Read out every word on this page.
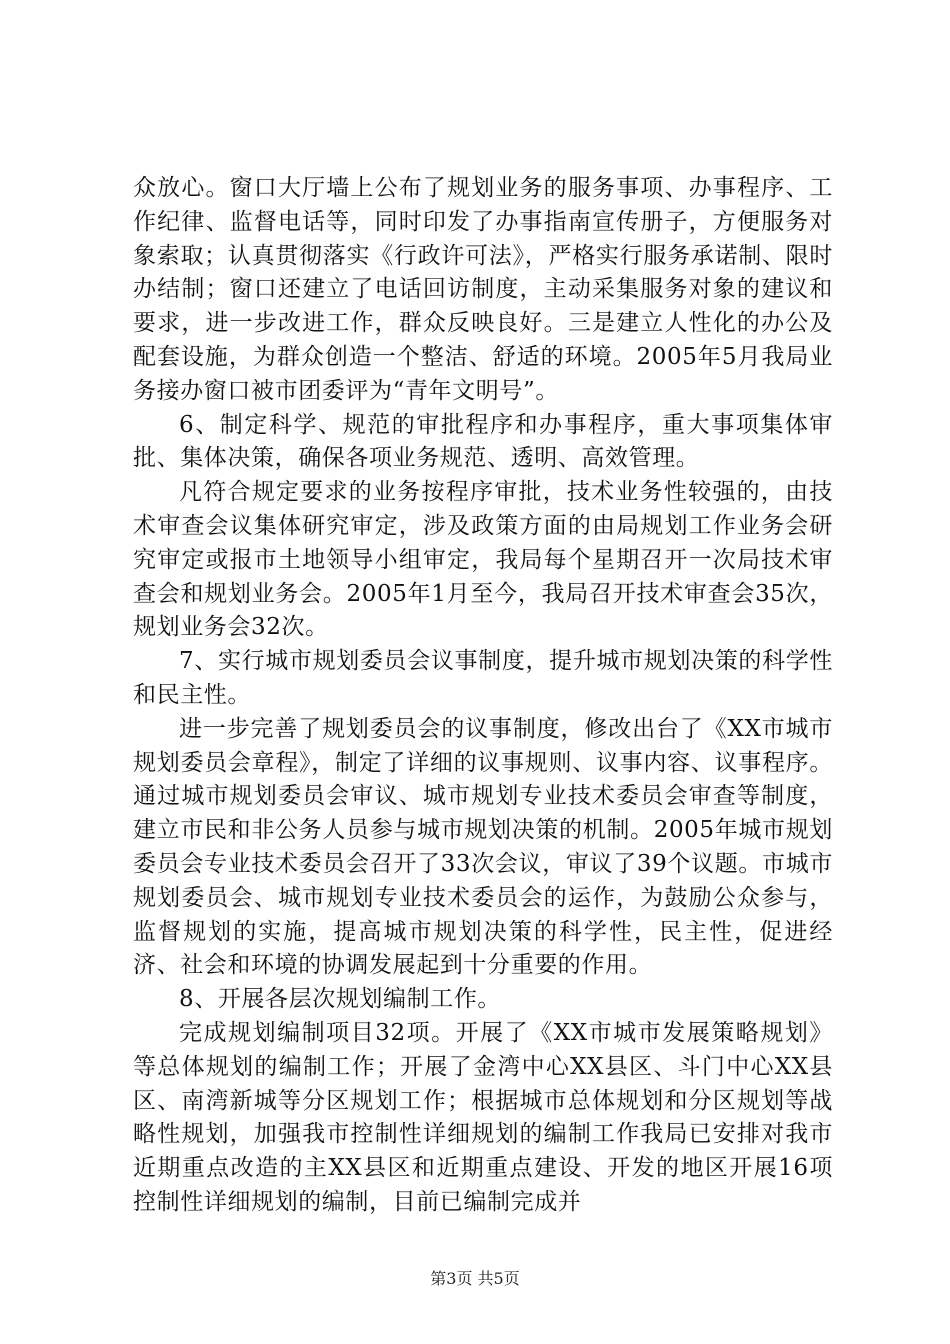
众放心。窗口大厅墙上公布了规划业务的服务事项、办事程序、工作纪律、监督电话等，同时印发了办事指南宣传册子，方便服务对象索取；认真贯彻落实《行政许可法》，严格实行服务承诺制、限时办结制；窗口还建立了电话回访制度，主动采集服务对象的建议和要求，进一步改进工作，群众反映良好。三是建立人性化的办公及配套设施，为群众创造一个整洁、舒适的环境。2005年5月我局业务接办窗口被市团委评为“青年文明号”。

6、制定科学、规范的审批程序和办事程序，重大事项集体审批、集体决策，确保各项业务规范、透明、高效管理。

凡符合规定要求的业务按程序审批，技术业务性较强的，由技术审查会议集体研究审定，涉及政策方面的由局规划工作业务会研究审定或报市土地领导小组审定，我局每个星期召开一次局技术审查会和规划业务会。2005年1月至今，我局召开技术审查会35次，规划业务会32次。

7、实行城市规划委员会议事制度，提升城市规划决策的科学性和民主性。

进一步完善了规划委员会的议事制度，修改出台了《XX市城市规划委员会章程》，制定了详细的议事规则、议事内容、议事程序。通过城市规划委员会审议、城市规划专业技术委员会审查等制度，建立市民和非公务人员参与城市规划决策的机制。2005年城市规划委员会专业技术委员会召开了33次会议，审议了39个议题。市城市规划委员会、城市规划专业技术委员会的运作，为鼓励公众参与，监督规划的实施，提高城市规划决策的科学性，民主性，促进经济、社会和环境的协调发展起到十分重要的作用。

8、开展各层次规划编制工作。

完成规划编制项目32项。开展了《XX市城市发展策略规划》等总体规划的编制工作；开展了金湾中心XX县区、斗门中心XX县区、南湾新城等分区规划工作；根据城市总体规划和分区规划等战略性规划，加强我市控制性详细规划的编制工作我局已安排对我市近期重点改造的主XX县区和近期重点建设、开发的地区开展16项控制性详细规划的编制，目前已编制完成并

第3页 共5页
